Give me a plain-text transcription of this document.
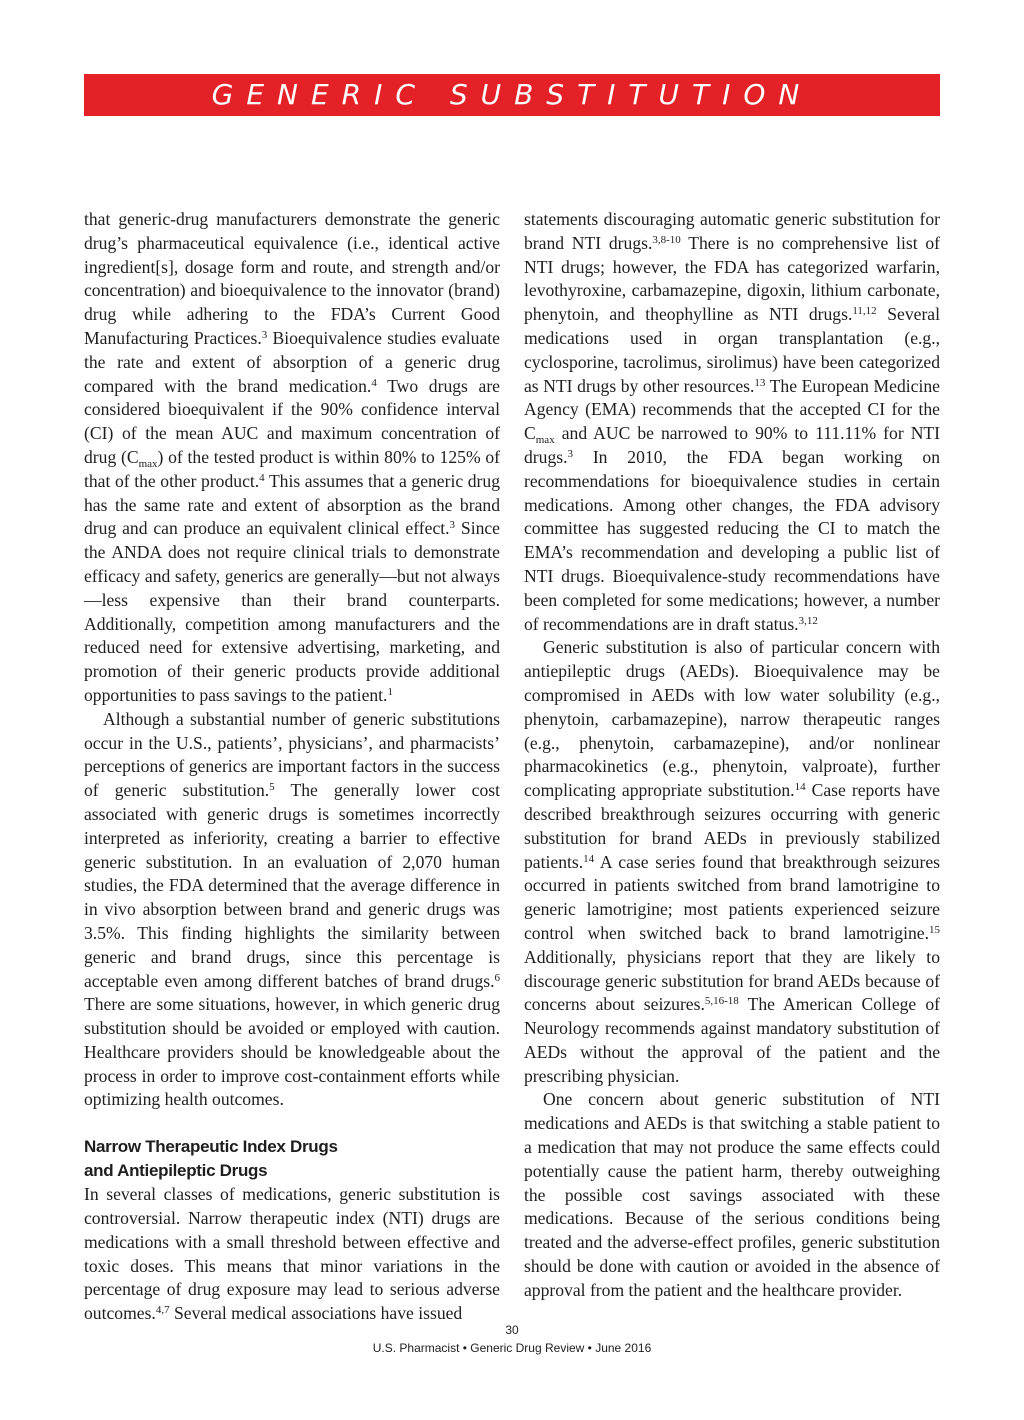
GENERIC SUBSTITUTION

that generic-drug manufacturers demonstrate the generic drug’s pharmaceutical equivalence (i.e., identical active ingredient[s], dosage form and route, and strength and/or concentration) and bioequivalence to the innovator (brand) drug while adhering to the FDA’s Current Good Manufacturing Practices.$^3$ Bioequivalence studies evaluate the rate and extent of absorption of a generic drug compared with the brand medication.$^4$ Two drugs are considered bioequivalent if the 90% confidence interval (CI) of the mean AUC and maximum concentration of drug $(C_{max})$ of the tested product is within 80% to 125% of that of the other product.$^4$ This assumes that a generic drug has the same rate and extent of absorption as the brand drug and can produce an equivalent clinical effect.$^3$ Since the ANDA does not require clinical trials to demonstrate efficacy and safety, generics are generally—but not always—less expensive than their brand counterparts. Additionally, competition among manufacturers and the reduced need for extensive advertising, marketing, and promotion of their generic products provide additional opportunities to pass savings to the patient.$^1$

Although a substantial number of generic substitutions occur in the U.S., patients’, physicians’, and pharmacists’ perceptions of generics are important factors in the success of generic substitution.$^5$ The generally lower cost associated with generic drugs is sometimes incorrectly interpreted as inferiority, creating a barrier to effective generic substitution. In an evaluation of 2,070 human studies, the FDA determined that the average difference in in vivo absorption between brand and generic drugs was 3.5%. This finding highlights the similarity between generic and brand drugs, since this percentage is acceptable even among different batches of brand drugs.$^6$ There are some situations, however, in which generic drug substitution should be avoided or employed with caution. Healthcare providers should be knowledgeable about the process in order to improve cost-containment efforts while optimizing health outcomes.

Narrow Therapeutic Index Drugs
and Antiepileptic Drugs

In several classes of medications, generic substitution is controversial. Narrow therapeutic index (NTI) drugs are medications with a small threshold between effective and toxic doses. This means that minor variations in the percentage of drug exposure may lead to serious adverse outcomes.$^{4,7}$ Several medical associations have issued

statements discouraging automatic generic substitution for brand NTI drugs.$^{3,8-10}$ There is no comprehensive list of NTI drugs; however, the FDA has categorized warfarin, levothyroxine, carbamazepine, digoxin, lithium carbonate, phenytoin, and theophylline as NTI drugs.$^{11,12}$ Several medications used in organ transplantation (e.g., cyclosporine, tacrolimus, sirolimus) have been categorized as NTI drugs by other resources.$^{13}$ The European Medicine Agency (EMA) recommends that the accepted CI for the $C_{max}$ and AUC be narrowed to 90% to 111.11% for NTI drugs.$^3$ In 2010, the FDA began working on recommendations for bioequivalence studies in certain medications. Among other changes, the FDA advisory committee has suggested reducing the CI to match the EMA’s recommendation and developing a public list of NTI drugs. Bioequivalence-study recommendations have been completed for some medications; however, a number of recommendations are in draft status.$^{3,12}$

Generic substitution is also of particular concern with antiepileptic drugs (AEDs). Bioequivalence may be compromised in AEDs with low water solubility (e.g., phenytoin, carbamazepine), narrow therapeutic ranges (e.g., phenytoin, carbamazepine), and/or nonlinear pharmacokinetics (e.g., phenytoin, valproate), further complicating appropriate substitution.$^{14}$ Case reports have described breakthrough seizures occurring with generic substitution for brand AEDs in previously stabilized patients.$^{14}$ A case series found that breakthrough seizures occurred in patients switched from brand lamotrigine to generic lamotrigine; most patients experienced seizure control when switched back to brand lamotrigine.$^{15}$ Additionally, physicians report that they are likely to discourage generic substitution for brand AEDs because of concerns about seizures.$^{5,16-18}$ The American College of Neurology recommends against mandatory substitution of AEDs without the approval of the patient and the prescribing physician.

One concern about generic substitution of NTI medications and AEDs is that switching a stable patient to a medication that may not produce the same effects could potentially cause the patient harm, thereby outweighing the possible cost savings associated with these medications. Because of the serious conditions being treated and the adverse-effect profiles, generic substitution should be done with caution or avoided in the absence of approval from the patient and the healthcare provider.

30
U.S. Pharmacist • Generic Drug Review • June 2016
